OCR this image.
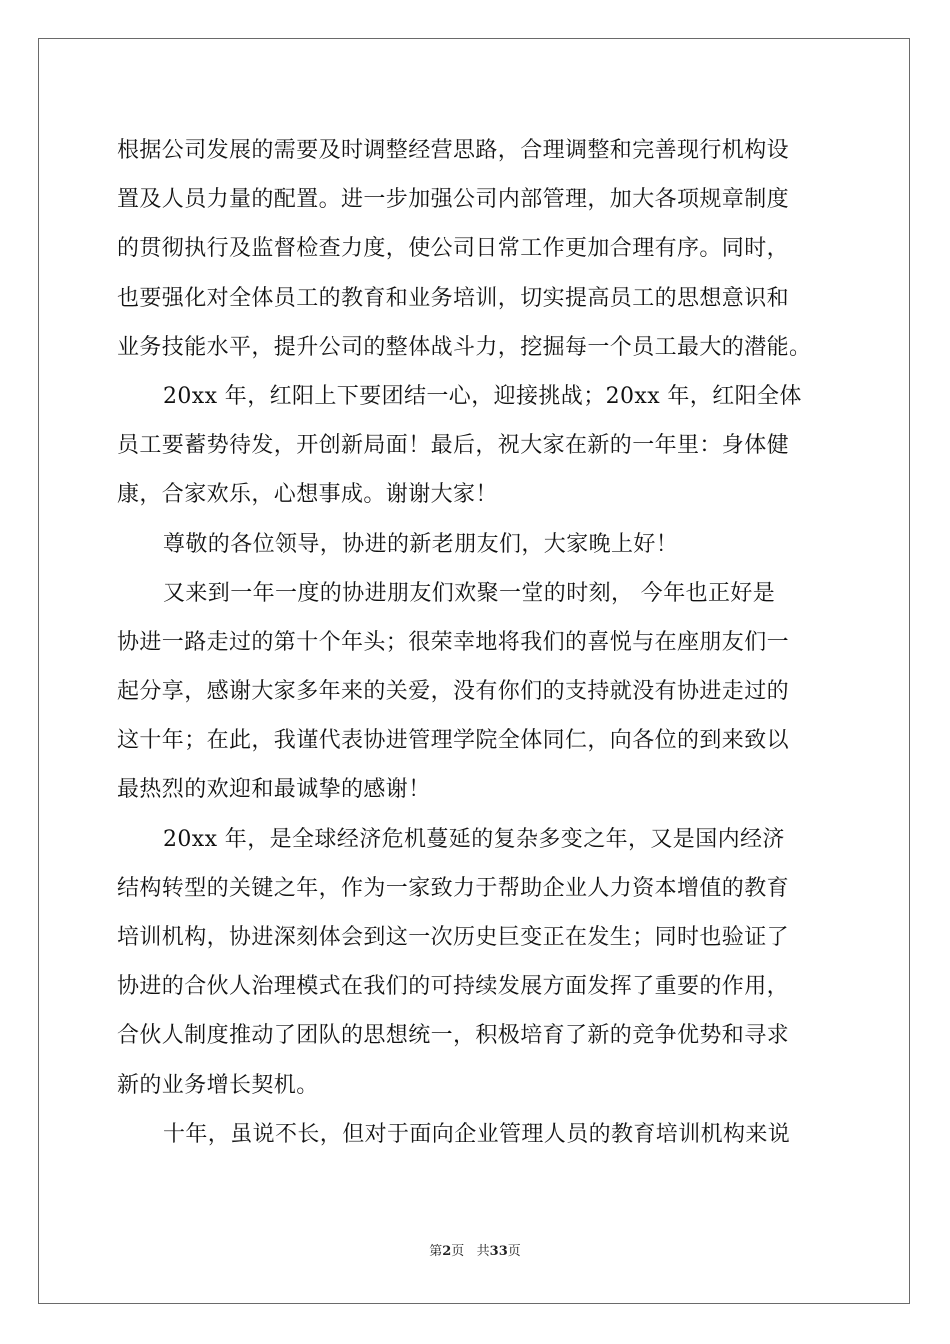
根据公司发展的需要及时调整经营思路，合理调整和完善现行机构设
置及人员力量的配置。进一步加强公司内部管理，加大各项规章制度
的贯彻执行及监督检查力度，使公司日常工作更加合理有序。同时，
也要强化对全体员工的教育和业务培训，切实提高员工的思想意识和
业务技能水平，提升公司的整体战斗力，挖掘每一个员工最大的潜能。
20xx 年，红阳上下要团结一心，迎接挑战；20xx 年，红阳全体
员工要蓄势待发，开创新局面！最后，祝大家在新的一年里：身体健
康，合家欢乐，心想事成。谢谢大家！
尊敬的各位领导，协进的新老朋友们，大家晚上好！
又来到一年一度的协进朋友们欢聚一堂的时刻， 今年也正好是
协进一路走过的第十个年头；很荣幸地将我们的喜悦与在座朋友们一
起分享，感谢大家多年来的关爱，没有你们的支持就没有协进走过的
这十年；在此，我谨代表协进管理学院全体同仁，向各位的到来致以
最热烈的欢迎和最诚挚的感谢！
20xx 年，是全球经济危机蔓延的复杂多变之年，又是国内经济
结构转型的关键之年，作为一家致力于帮助企业人力资本增值的教育
培训机构，协进深刻体会到这一次历史巨变正在发生；同时也验证了
协进的合伙人治理模式在我们的可持续发展方面发挥了重要的作用，
合伙人制度推动了团队的思想统一，积极培育了新的竞争优势和寻求
新的业务增长契机。
十年，虽说不长，但对于面向企业管理人员的教育培训机构来说
第2页   共33页
